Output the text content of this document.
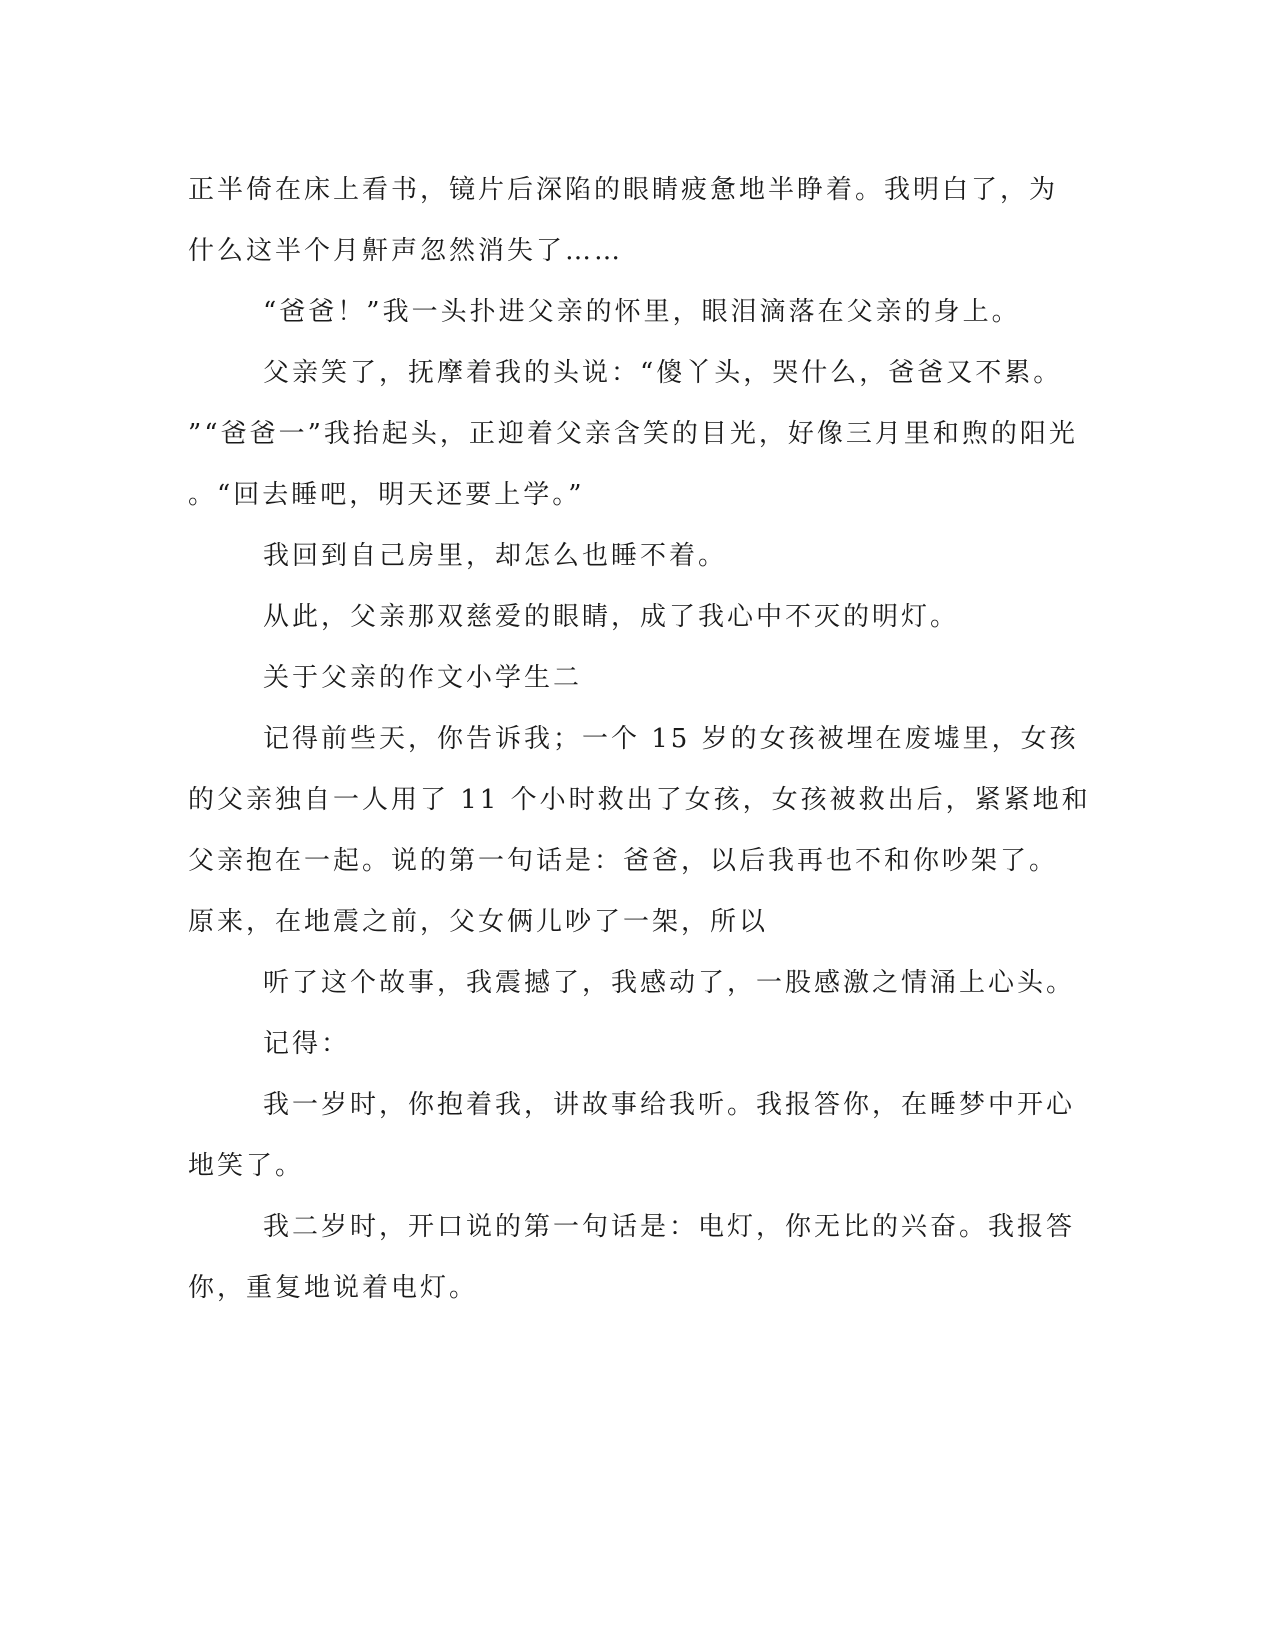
正半倚在床上看书，镜片后深陷的眼睛疲惫地半睁着。我明白了，为
什么这半个月鼾声忽然消失了……
“爸爸！”我一头扑进父亲的怀里，眼泪滴落在父亲的身上。
父亲笑了，抚摩着我的头说：“傻丫头，哭什么，爸爸又不累。
”“爸爸一”我抬起头，正迎着父亲含笑的目光，好像三月里和煦的阳光
。“回去睡吧，明天还要上学。”
我回到自己房里，却怎么也睡不着。
从此，父亲那双慈爱的眼睛，成了我心中不灭的明灯。
关于父亲的作文小学生二
记得前些天，你告诉我；一个 15 岁的女孩被埋在废墟里，女孩
的父亲独自一人用了 11 个小时救出了女孩，女孩被救出后，紧紧地和
父亲抱在一起。说的第一句话是：爸爸，以后我再也不和你吵架了。
原来，在地震之前，父女俩儿吵了一架，所以
听了这个故事，我震撼了，我感动了，一股感激之情涌上心头。
记得：
我一岁时，你抱着我，讲故事给我听。我报答你，在睡梦中开心
地笑了。
我二岁时，开口说的第一句话是：电灯，你无比的兴奋。我报答
你，重复地说着电灯。
